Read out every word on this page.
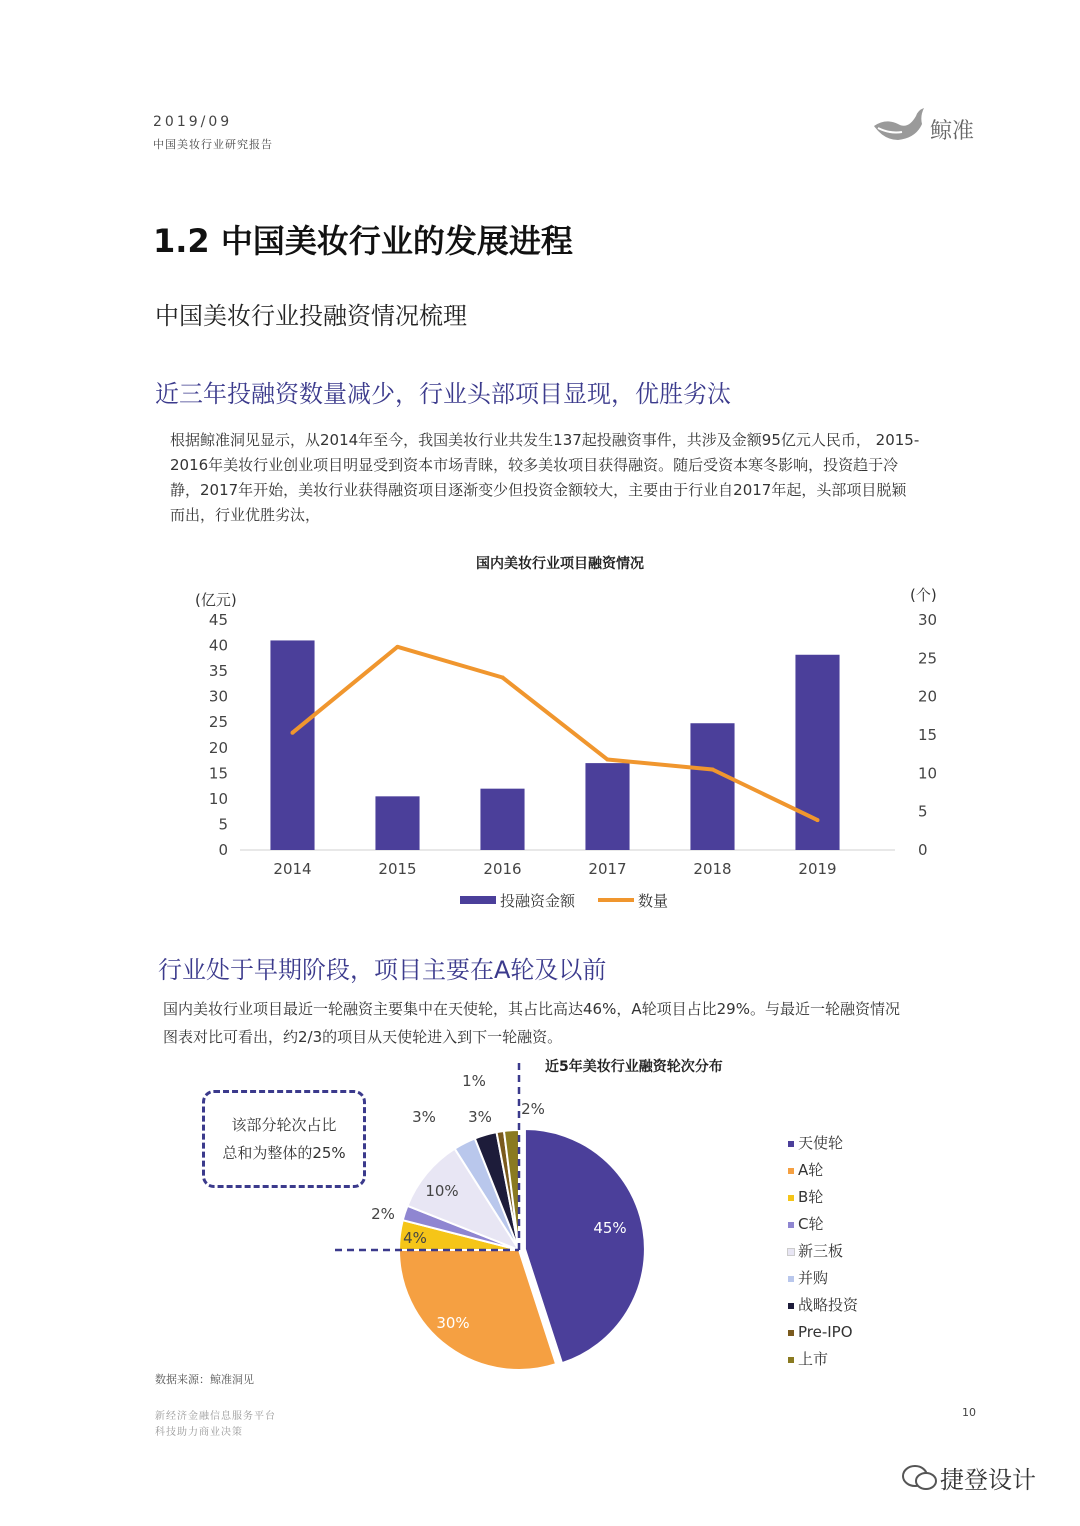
2019/09
中国美妆行业研究报告
鲸准
1.2 中国美妆行业的发展进程
中国美妆行业投融资情况梳理
近三年投融资数量减少，行业头部项目显现，优胜劣汰
根据鲸准洞见显示，从2014年至今，我国美妆行业共发生137起投融资事件，共涉及金额95亿元人民币， 2015-
2016年美妆行业创业项目明显受到资本市场青睐，较多美妆项目获得融资。随后受资本寒冬影响，投资趋于冷
静，2017年开始，美妆行业获得融资项目逐渐变少但投资金额较大，主要由于行业自2017年起，头部项目脱颖
而出，行业优胜劣汰，
国内美妆行业项目融资情况
(亿元)	(个)
0
5
10
15
20
25
30
35
40
45
0
5
10
15
20
25
30
2014	2015	2016	2017	2018	2019
投融资金额	数量
行业处于早期阶段，项目主要在A轮及以前
国内美妆行业项目最近一轮融资主要集中在天使轮，其占比高达46%，A轮项目占比29%。与最近一轮融资情况
图表对比可看出，约2/3的项目从天使轮进入到下一轮融资。
近5年美妆行业融资轮次分布
45%
30%
4%
2%
10%
3% 3%
1%
2%
该部分轮次占比
总和为整体的25%
天使轮
A轮
B轮
C轮
新三板
并购
战略投资
Pre-IPO
上市
数据来源：鲸准洞见
新经济金融信息服务平台
科技助力商业决策
10
捷登设计
